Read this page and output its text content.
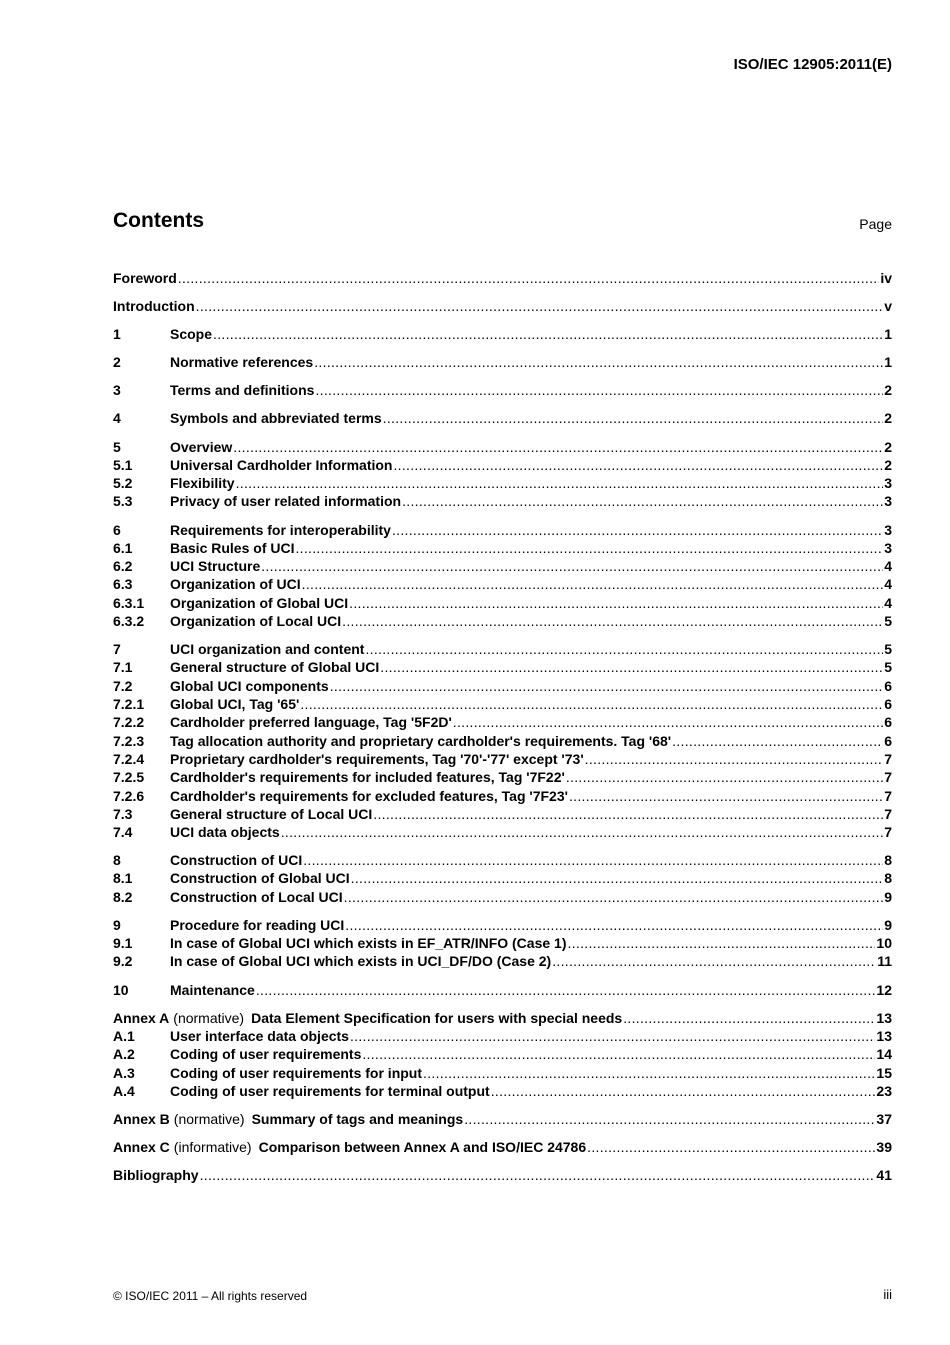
ISO/IEC 12905:2011(E)
Contents	Page
Foreword .....	iv
Introduction .....	v
1	Scope .....	1
2	Normative references .....	1
3	Terms and definitions .....	2
4	Symbols and abbreviated terms .....	2
5	Overview .....	2
5.1	Universal Cardholder Information .....	2
5.2	Flexibility .....	3
5.3	Privacy of user related information .....	3
6	Requirements for interoperability .....	3
6.1	Basic Rules of UCI .....	3
6.2	UCI Structure .....	4
6.3	Organization of UCI .....	4
6.3.1	Organization of Global UCI .....	4
6.3.2	Organization of Local UCI .....	5
7	UCI organization and content .....	5
7.1	General structure of Global UCI .....	5
7.2	Global UCI components .....	6
7.2.1	Global UCI, Tag '65' .....	6
7.2.2	Cardholder preferred language, Tag '5F2D' .....	6
7.2.3	Tag allocation authority and proprietary cardholder's requirements. Tag '68' .....	6
7.2.4	Proprietary cardholder's requirements, Tag '70'-'77' except '73' .....	7
7.2.5	Cardholder's requirements for included features, Tag '7F22' .....	7
7.2.6	Cardholder's requirements for excluded features, Tag '7F23' .....	7
7.3	General structure of Local UCI .....	7
7.4	UCI data objects .....	7
8	Construction of UCI .....	8
8.1	Construction of Global UCI .....	8
8.2	Construction of Local UCI .....	9
9	Procedure for reading UCI .....	9
9.1	In case of Global UCI which exists in EF_ATR/INFO (Case 1) .....	10
9.2	In case of Global UCI which exists in UCI_DF/DO (Case 2) .....	11
10	Maintenance .....	12
Annex A (normative) Data Element Specification for users with special needs .....	13
A.1	User interface data objects .....	13
A.2	Coding of user requirements .....	14
A.3	Coding of user requirements for input .....	15
A.4	Coding of user requirements for terminal output .....	23
Annex B (normative) Summary of tags and meanings .....	37
Annex C (informative) Comparison between Annex A and ISO/IEC 24786 .....	39
Bibliography .....	41
© ISO/IEC 2011 – All rights reserved	iii
